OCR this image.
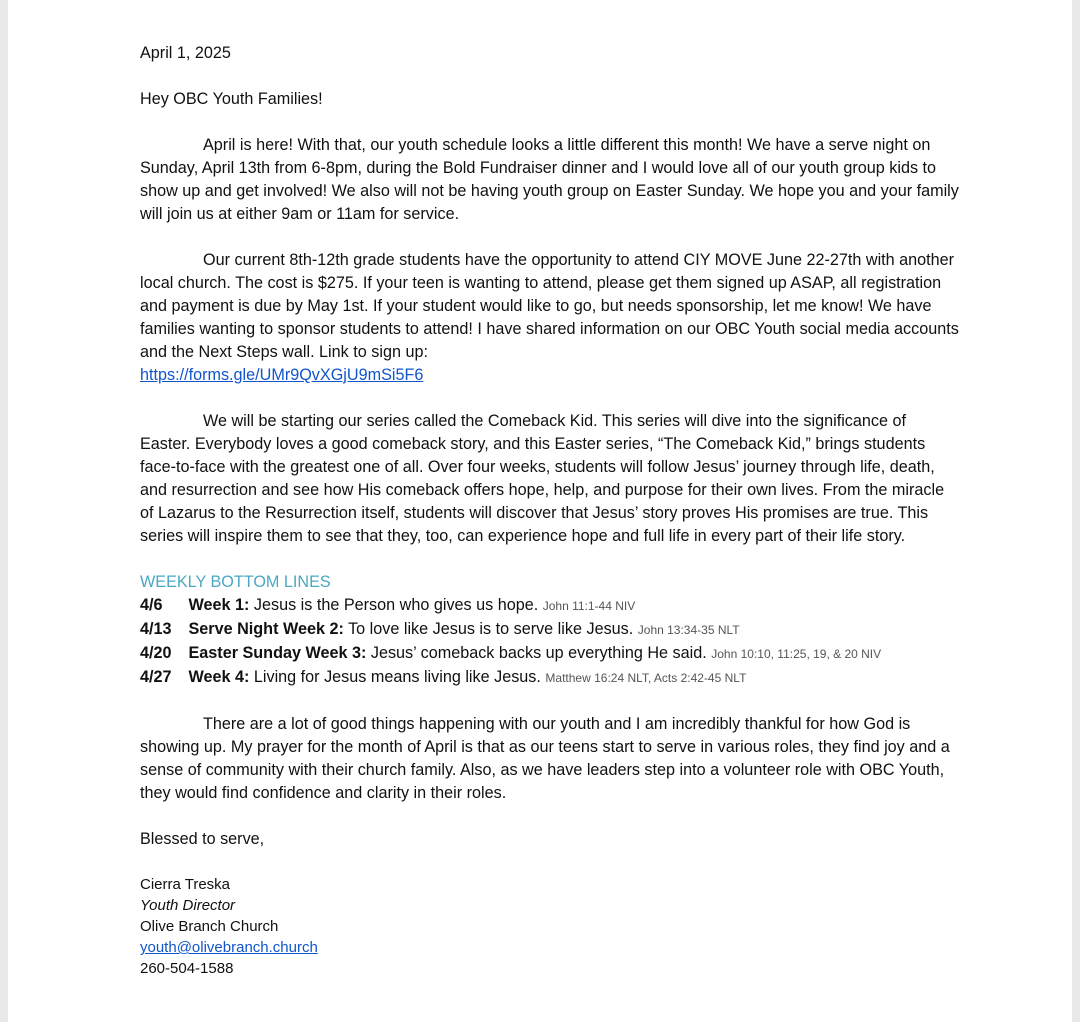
April 1, 2025

Hey OBC Youth Families!

April is here! With that, our youth schedule looks a little different this month! We have a serve night on Sunday, April 13th from 6-8pm, during the Bold Fundraiser dinner and I would love all of our youth group kids to show up and get involved! We also will not be having youth group on Easter Sunday. We hope you and your family will join us at either 9am or 11am for service.

Our current 8th-12th grade students have the opportunity to attend CIY MOVE June 22-27th with another local church. The cost is $275. If your teen is wanting to attend, please get them signed up ASAP, all registration and payment is due by May 1st. If your student would like to go, but needs sponsorship, let me know! We have families wanting to sponsor students to attend! I have shared information on our OBC Youth social media accounts and the Next Steps wall. Link to sign up:

https://forms.gle/UMr9QvXGjU9mSi5F6

We will be starting our series called the Comeback Kid. This series will dive into the significance of Easter. Everybody loves a good comeback story, and this Easter series, “The Comeback Kid,” brings students face-to-face with the greatest one of all. Over four weeks, students will follow Jesus’ journey through life, death, and resurrection and see how His comeback offers hope, help, and purpose for their own lives. From the miracle of Lazarus to the Resurrection itself, students will discover that Jesus’ story proves His promises are true. This series will inspire them to see that they, too, can experience hope and full life in every part of their life story.

WEEKLY BOTTOM LINES

4/6 Week 1: Jesus is the Person who gives us hope. John 11:1-44 NIV
4/13 Serve Night Week 2: To love like Jesus is to serve like Jesus. John 13:34-35 NLT
4/20 Easter Sunday Week 3: Jesus’ comeback backs up everything He said. John 10:10, 11:25, 19, & 20 NIV
4/27 Week 4: Living for Jesus means living like Jesus. Matthew 16:24 NLT, Acts 2:42-45 NLT

There are a lot of good things happening with our youth and I am incredibly thankful for how God is showing up. My prayer for the month of April is that as our teens start to serve in various roles, they find joy and a sense of community with their church family. Also, as we have leaders step into a volunteer role with OBC Youth, they would find confidence and clarity in their roles.

Blessed to serve,

Cierra Treska
Youth Director
Olive Branch Church
youth@olivebranch.church
260-504-1588
